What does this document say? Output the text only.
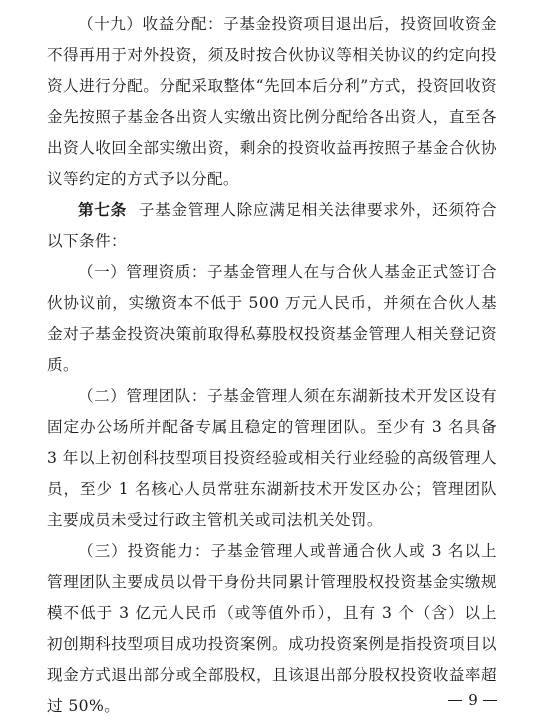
（十九）收益分配：子基金投资项目退出后，投资回收资金不得再用于对外投资，须及时按合伙协议等相关协议的约定向投资人进行分配。分配采取整体“先回本后分利”方式，投资回收资金先按照子基金各出资人实缴出资比例分配给各出资人，直至各出资人收回全部实缴出资，剩余的投资收益再按照子基金合伙协议等约定的方式予以分配。

第七条 子基金管理人除应满足相关法律要求外，还须符合以下条件：

（一）管理资质：子基金管理人在与合伙人基金正式签订合伙协议前，实缴资本不低于 500 万元人民币，并须在合伙人基金对子基金投资决策前取得私募股权投资基金管理人相关登记资质。

（二）管理团队：子基金管理人须在东湖新技术开发区设有固定办公场所并配备专属且稳定的管理团队。至少有 3 名具备 3 年以上初创科技型项目投资经验或相关行业经验的高级管理人员，至少 1 名核心人员常驻东湖新技术开发区办公；管理团队主要成员未受过行政主管机关或司法机关处罚。

（三）投资能力：子基金管理人或普通合伙人或 3 名以上管理团队主要成员以骨干身份共同累计管理股权投资基金实缴规模不低于 3 亿元人民币（或等值外币），且有 3 个（含）以上初创期科技型项目成功投资案例。成功投资案例是指投资项目以现金方式退出部分或全部股权，且该退出部分股权投资收益率超过 50%。	9
